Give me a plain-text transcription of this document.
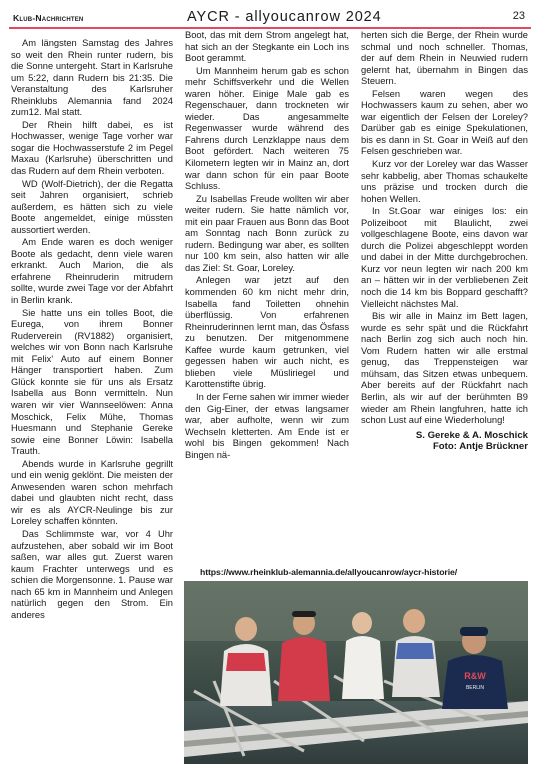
Klub-Nachrichten	AYCR - allyoucanrow 2024	23

Am längsten Samstag des Jahres so weit den Rhein runter rudern, bis die Sonne untergeht. Start in Karlsruhe um 5:22, dann Rudern bis 21:35. Die Veranstaltung des Karlsruher Rheinklubs Alemannia fand 2024 zum12. Mal statt.

Der Rhein hilft dabei, es ist Hochwasser, wenige Tage vorher war sogar die Hochwasserstufe 2 im Pegel Maxau (Karlsruhe) überschritten und das Rudern auf dem Rhein verboten.

WD (Wolf-Dietrich), der die Regatta seit Jahren organisiert, schrieb außerdem, es hätten sich zu viele Boote angemeldet, einige müssten aussortiert werden.

Am Ende waren es doch weniger Boote als gedacht, denn viele waren erkrankt. Auch Marion, die als erfahrene Rheinruderin mitrudern sollte, wurde zwei Tage vor der Abfahrt in Berlin krank.

Sie hatte uns ein tolles Boot, die Eurega, von ihrem Bonner Ruderverein (RV1882) organisiert, welches wir von Bonn nach Karlsruhe mit Felix' Auto auf einem Bonner Hänger transportiert haben. Zum Glück konnte sie für uns als Ersatz Isabella aus Bonn vermitteln. Nun waren wir vier Wannseelöwen: Anna Moschick, Felix Mühe, Thomas Huesmann und Stephanie Gereke sowie eine Bonner Löwin: Isabella Trauth.

Abends wurde in Karlsruhe gegrillt und ein wenig geklönt. Die meisten der Anwesenden waren schon mehrfach dabei und glaubten nicht recht, dass wir es als AYCR-Neulinge bis zur Loreley schaffen könnten.

Das Schlimmste war, vor 4 Uhr aufzustehen, aber sobald wir im Boot saßen, war alles gut. Zuerst waren kaum Frachter unterwegs und es schien die Morgensonne. 1. Pause war nach 65 km in Mannheim und Anlegen natürlich gegen den Strom. Ein anderes

Boot, das mit dem Strom angelegt hat, hat sich an der Stegkante ein Loch ins Boot gerammt.

Um Mannheim herum gab es schon mehr Schiffsverkehr und die Wellen waren höher. Einige Male gab es Regenschauer, dann trockneten wir wieder. Das angesammelte Regenwasser wurde während des Fahrens durch Lenzklappe naus dem Boot gefördert. Nach weiteren 75 Kilometern legten wir in Mainz an, dort war dann schon für ein paar Boote Schluss.

Zu Isabellas Freude wollten wir aber weiter rudern. Sie hatte nämlich vor, mit ein paar Frauen aus Bonn das Boot am Sonntag nach Bonn zurück zu rudern. Bedingung war aber, es sollten nur 100 km sein, also hatten wir alle das Ziel: St. Goar, Loreley.

Anlegen war jetzt auf den kommenden 60 km nicht mehr drin, Isabella fand Toiletten ohnehin überflüssig. Von erfahrenen Rheinruderinnen lernt man, das Ösfass zu benutzen. Der mitgenommene Kaffee wurde kaum getrunken, viel gegessen haben wir auch nicht, es blieben viele Müsliriegel und Karottenstifte übrig.

In der Ferne sahen wir immer wieder den Gig-Einer, der etwas langsamer war, aber aufholte, wenn wir zum Wechseln kletterten. Am Ende ist er wohl bis Bingen gekommen! Nach Bingen nä-

herten sich die Berge, der Rhein wurde schmal und noch schneller. Thomas, der auf dem Rhein in Neuwied rudern gelernt hat, übernahm in Bingen das Steuern.

Felsen waren wegen des Hochwassers kaum zu sehen, aber wo war eigentlich der Felsen der Loreley? Darüber gab es einige Spekulationen, bis es dann in St. Goar in Weiß auf den Felsen geschrieben war.

Kurz vor der Loreley war das Wasser sehr kabbelig, aber Thomas schaukelte uns präzise und trocken durch die hohen Wellen.

In St.Goar war einiges los: ein Polizeiboot mit Blaulicht, zwei vollgeschlagene Boote, eins davon war durch die Polizei abgeschleppt worden und dabei in der Mitte durchgebrochen. Kurz vor neun legten wir nach 200 km an – hätten wir in der verbliebenen Zeit noch die 14 km bis Boppard geschafft? Vielleicht nächstes Mal.

Bis wir alle in Mainz im Bett lagen, wurde es sehr spät und die Rückfahrt nach Berlin zog sich auch noch hin. Vom Rudern hatten wir alle erstmal genug, das Treppensteigen war mühsam, das Sitzen etwas unbequem. Aber bereits auf der Rückfahrt nach Berlin, als wir auf der berühmten B9 wieder am Rhein langfuhren, hatte ich schon Lust auf eine Wiederholung!

S. Gereke & A. Moschick
Foto: Antje Brückner
https://www.rheinklub-alemannia.de/allyoucanrow/aycr-historie/
R&W
BERLIN
